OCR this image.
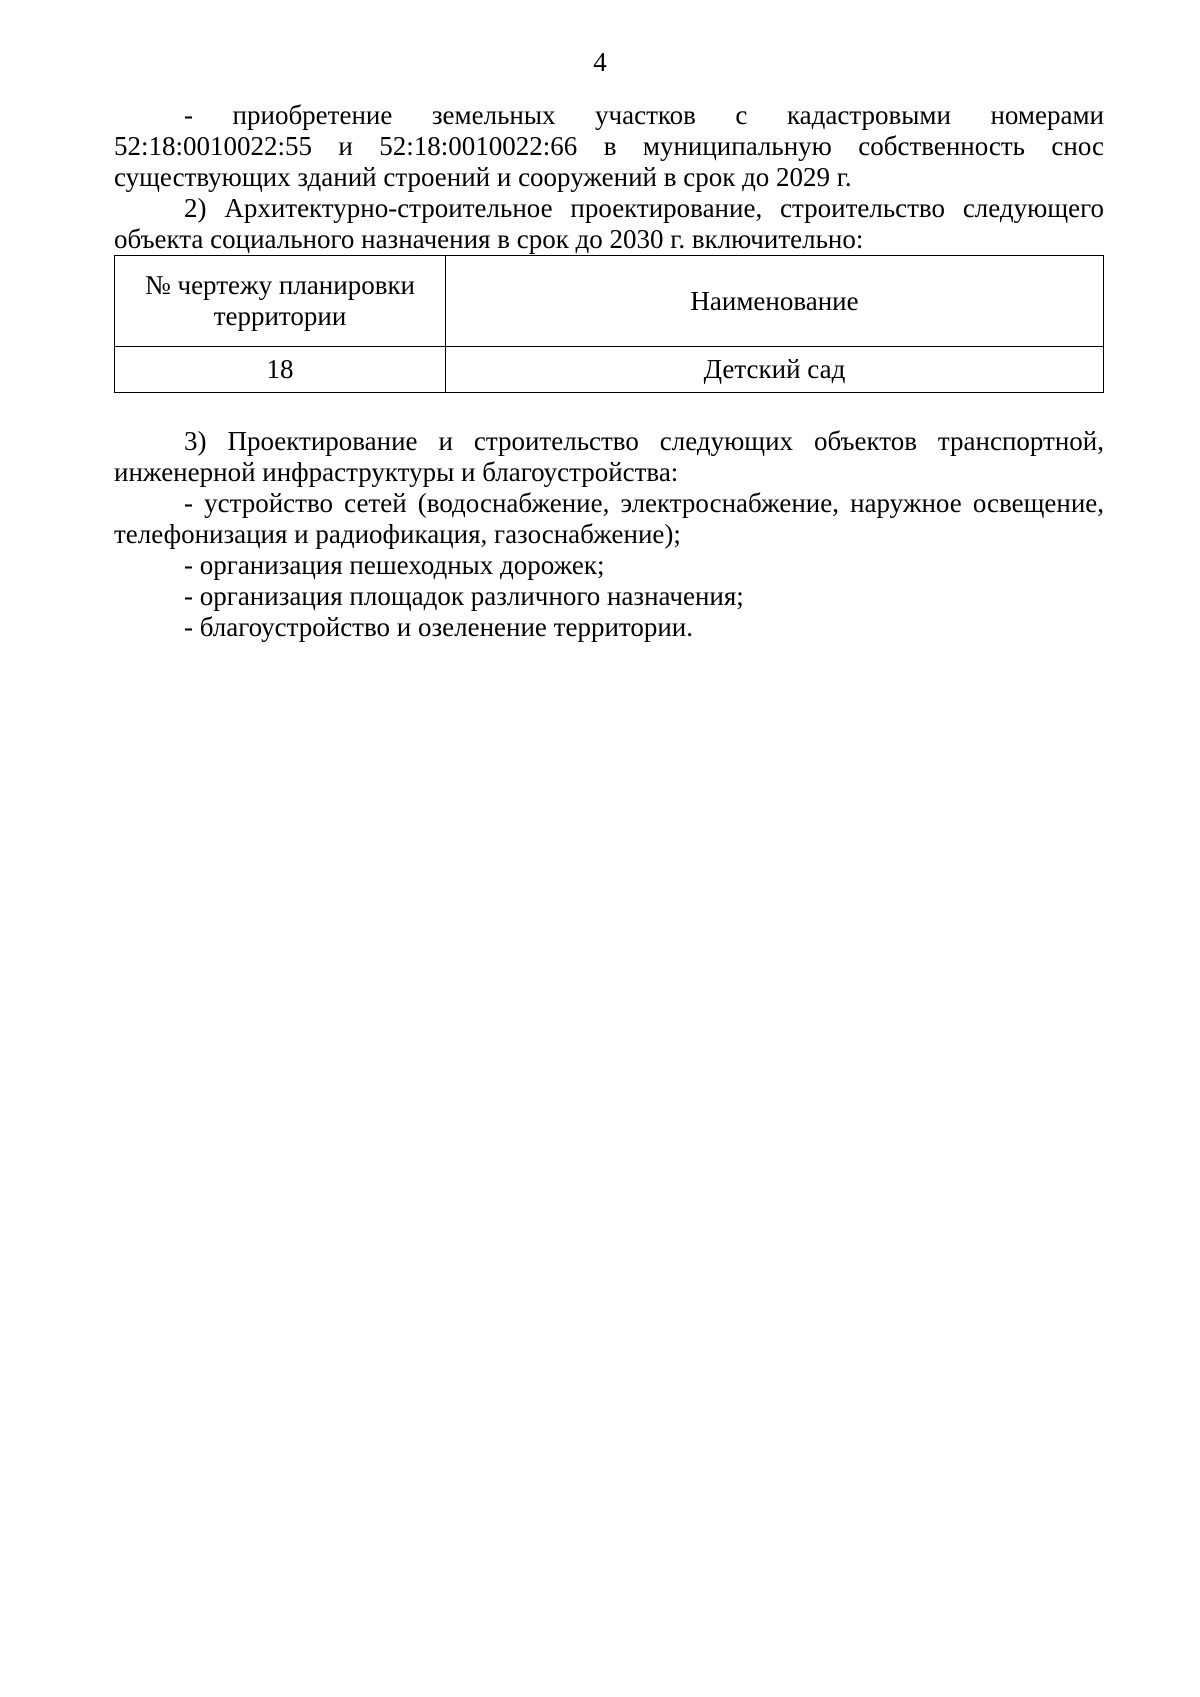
4

- приобретение земельных участков с кадастровыми номерами 52:18:0010022:55 и 52:18:0010022:66 в муниципальную собственность снос существующих зданий строений и сооружений в срок до 2029 г.

2) Архитектурно-строительное проектирование, строительство следующего объекта социального назначения в срок до 2030 г. включительно:

№ чертежу планировки территории	Наименование
18	Детский сад

3) Проектирование и строительство следующих объектов транспортной, инженерной инфраструктуры и благоустройства:

- устройство сетей (водоснабжение, электроснабжение, наружное освещение, телефонизация и радиофикация, газоснабжение);

- организация пешеходных дорожек;

- организация площадок различного назначения;

- благоустройство и озеленение территории.
